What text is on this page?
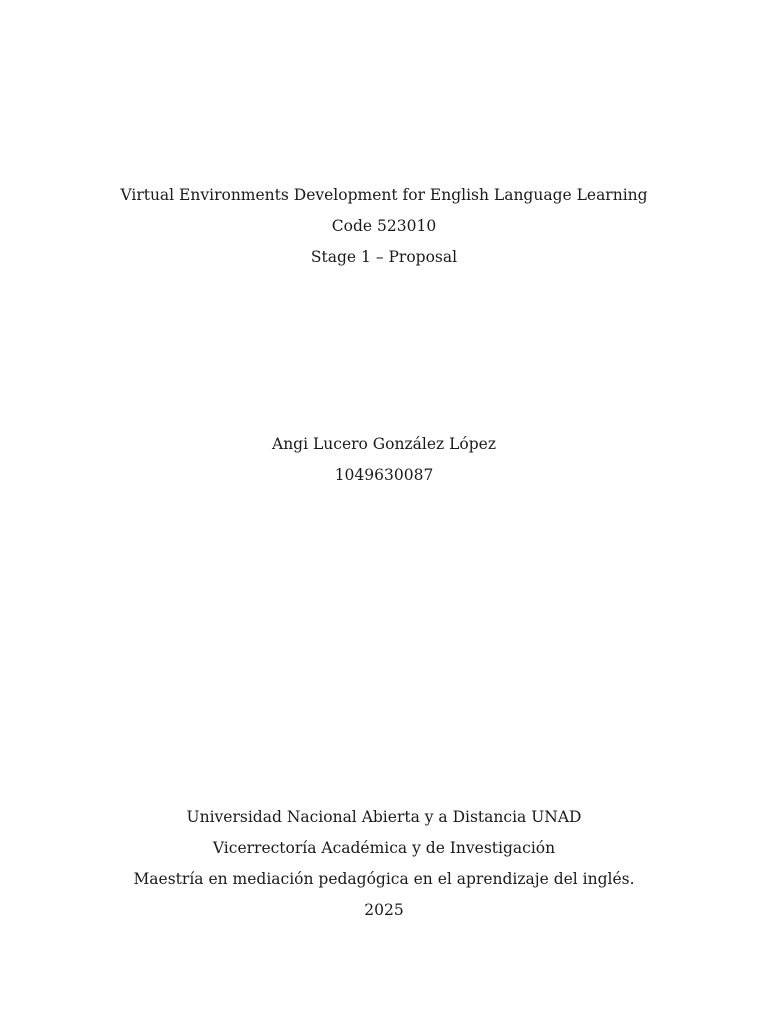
Virtual Environments Development for English Language Learning
Code 523010
Stage 1 – Proposal
Angi Lucero González López
1049630087
Universidad Nacional Abierta y a Distancia UNAD
Vicerrectoría Académica y de Investigación
Maestría en mediación pedagógica en el aprendizaje del inglés.
2025
